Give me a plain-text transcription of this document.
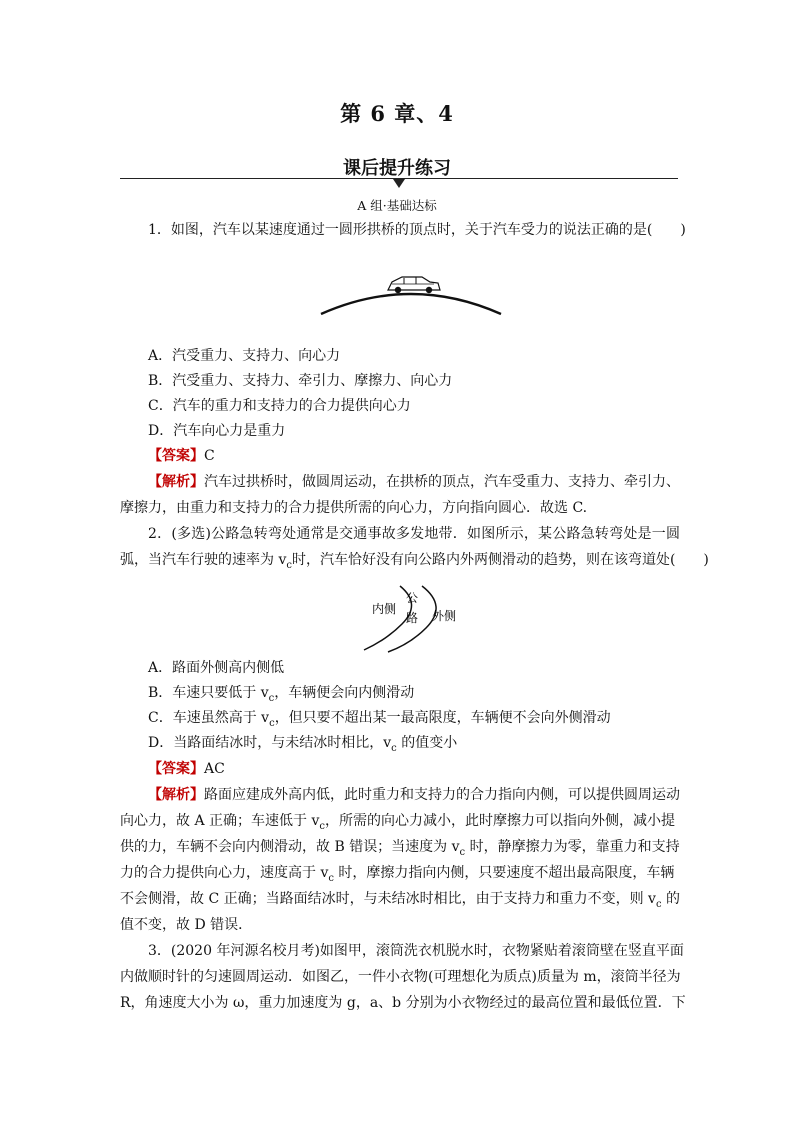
第 6 章、4
课后提升练习
A 组·基础达标
1．如图，汽车以某速度通过一圆形拱桥的顶点时，关于汽车受力的说法正确的是(　　)
A．汽受重力、支持力、向心力
B．汽受重力、支持力、牵引力、摩擦力、向心力
C．汽车的重力和支持力的合力提供向心力
D．汽车向心力是重力
【答案】C
【解析】汽车过拱桥时，做圆周运动，在拱桥的顶点，汽车受重力、支持力、牵引力、
摩擦力，由重力和支持力的合力提供所需的向心力，方向指向圆心．故选 C.
2．(多选)公路急转弯处通常是交通事故多发地带．如图所示，某公路急转弯处是一圆
弧，当汽车行驶的速率为 $v_c$时，汽车恰好没有向公路内外两侧滑动的趋势，则在该弯道处(　　)
内侧
公
路 外侧
A．路面外侧高内侧低
B．车速只要低于 $v_c$，车辆便会向内侧滑动
C．车速虽然高于 $v_c$，但只要不超出某一最高限度，车辆便不会向外侧滑动
D．当路面结冰时，与未结冰时相比，$v_c$ 的值变小
【答案】AC
【解析】路面应建成外高内低，此时重力和支持力的合力指向内侧，可以提供圆周运动
向心力，故 A 正确；车速低于 $v_c$，所需的向心力减小，此时摩擦力可以指向外侧，减小提
供的力，车辆不会向内侧滑动，故 B 错误；当速度为 $v_c$ 时，静摩擦力为零，靠重力和支持
力的合力提供向心力，速度高于 $v_c$ 时，摩擦力指向内侧，只要速度不超出最高限度，车辆
不会侧滑，故 C 正确；当路面结冰时，与未结冰时相比，由于支持力和重力不变，则 $v_c$ 的
值不变，故 D 错误．
3．(2020 年河源名校月考)如图甲，滚筒洗衣机脱水时，衣物紧贴着滚筒壁在竖直平面
内做顺时针的匀速圆周运动．如图乙，一件小衣物(可理想化为质点)质量为 m，滚筒半径为
R，角速度大小为 ω，重力加速度为 g，a、b 分别为小衣物经过的最高位置和最低位置．下
